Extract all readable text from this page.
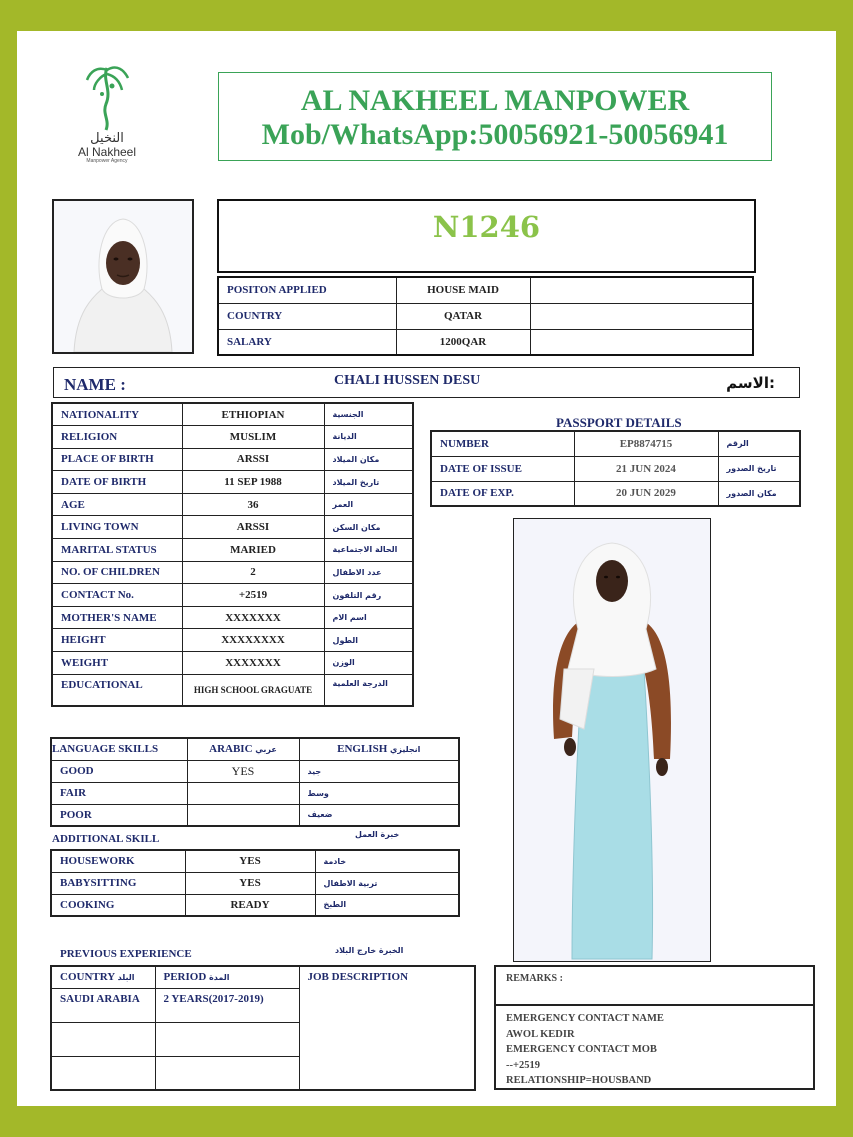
النخيل
Al Nakheel
Manpower Agency
AL NAKHEEL MANPOWER
Mob/WhatsApp:50056921-50056941
N1246
POSITON APPLIED	HOUSE MAID	
COUNTRY	QATAR	
SALARY	1200QAR	
NAME :	CHALI HUSSEN DESU	الاسم:
NATIONALITY	ETHIOPIAN	الجنسية
RELIGION	MUSLIM	الديانة
PLACE OF BIRTH	ARSSI	مكان الميلاد
DATE OF BIRTH	11 SEP 1988	تاريخ الميلاد
AGE	36	العمر
LIVING TOWN	ARSSI	مكان السكن
MARITAL STATUS	MARIED	الحالة الاجتماعية
NO. OF CHILDREN	2	عدد الاطفال
CONTACT No.	+2519	رقم التلفون
MOTHER'S NAME	XXXXXXX	اسم الام
HEIGHT	XXXXXXXX	الطول
WEIGHT	XXXXXXX	الوزن
EDUCATIONAL	HIGH SCHOOL GRAGUATE	الدرجة العلمية
PASSPORT DETAILS
NUMBER	EP8874715	الرقم
DATE OF ISSUE	21 JUN 2024	تاريخ الصدور
DATE OF EXP.	20 JUN 2029	مكان الصدور
LANGUAGE SKILLS	ARABIC عربي	ENGLISH انجليزي
GOOD	YES	جيد
FAIR		وسط
POOR		ضعيف
ADDITIONAL SKILL	خبرة العمل
HOUSEWORK	YES	خادمة
BABYSITTING	YES	تربية الاطفال
COOKING	READY	الطبخ
PREVIOUS EXPERIENCE	الخبرة خارج البلاد
COUNTRY البلد	PERIOD المدة	JOB DESCRIPTION
SAUDI ARABIA	2 YEARS(2017-2019)	

REMARKS :
EMERGENCY CONTACT NAME
AWOL KEDIR
EMERGENCY CONTACT MOB
--+2519
RELATIONSHIP=HOUSBAND
